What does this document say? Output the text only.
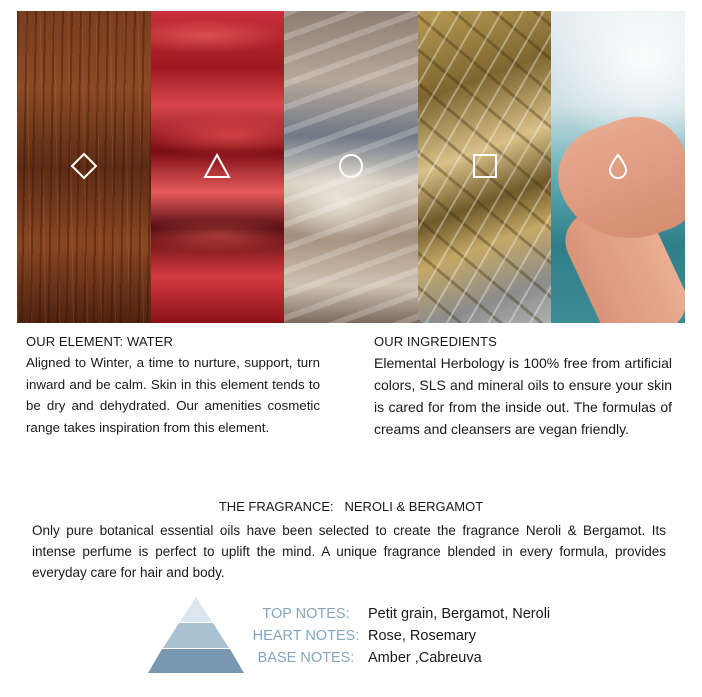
OUR ELEMENT: WATER
Aligned to Winter, a time to nurture, support, turn inward and be calm. Skin in this element tends to be dry and dehydrated. Our amenities cosmetic range takes inspiration from this element.
OUR INGREDIENTS
Elemental Herbology is 100% free from artificial colors, SLS and mineral oils to ensure your skin is cared for from the inside out. The formulas of creams and cleansers are vegan friendly.
THE FRAGRANCE:   NEROLI & BERGAMOT
Only pure botanical essential oils have been selected to create the fragrance Neroli & Bergamot. Its intense perfume is perfect to uplift the mind. A unique fragrance blended in every formula, provides everyday care for hair and body.
TOP NOTES:
HEART NOTES:
BASE NOTES:
Petit grain, Bergamot, Neroli
Rose, Rosemary
Amber ,Cabreuva
